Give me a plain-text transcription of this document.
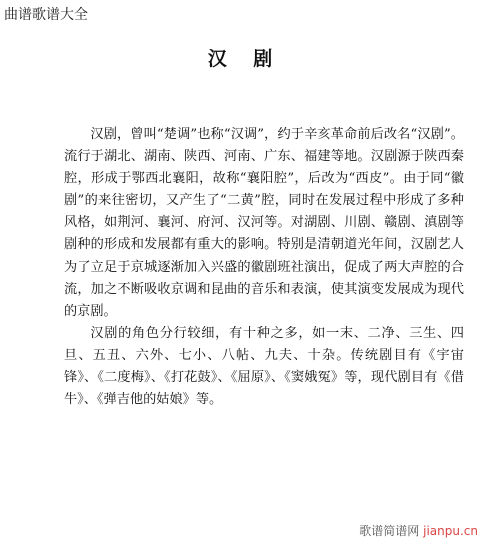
曲谱歌谱大全
汉 剧

汉剧，曾叫“楚调”也称“汉调”，约于辛亥革命前后改名“汉剧”。流行于湖北、湖南、陕西、河南、广东、福建等地。汉剧源于陕西秦腔，形成于鄂西北襄阳，故称“襄阳腔”，后改为“西皮”。由于同“徽剧”的来往密切，又产生了“二黄”腔，同时在发展过程中形成了多种风格，如荆河、襄河、府河、汉河等。对湖剧、川剧、赣剧、滇剧等剧种的形成和发展都有重大的影响。特别是清朝道光年间，汉剧艺人为了立足于京城逐渐加入兴盛的徽剧班社演出，促成了两大声腔的合流，加之不断吸收京调和昆曲的音乐和表演，使其演变发展成为现代的京剧。

汉剧的角色分行较细，有十种之多，如一末、二净、三生、四旦、五丑、六外、七小、八帖、九夫、十杂。传统剧目有《宇宙锋》、《二度梅》、《打花鼓》、《屈原》、《窦娥冤》等，现代剧目有《借牛》、《弹吉他的姑娘》等。

歌谱简谱网 jianpu.cn
